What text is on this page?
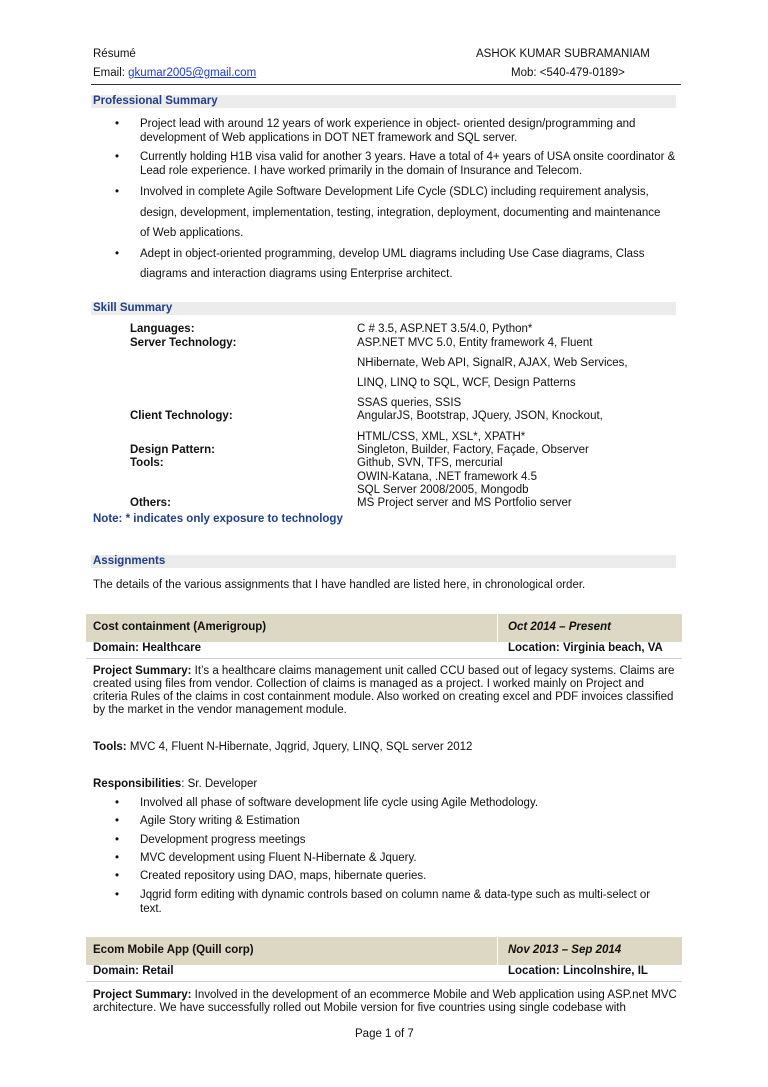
Résumé	ASHOK KUMAR SUBRAMANIAM
Email: gkumar2005@gmail.com	Mob: <540-479-0189>
Professional Summary
• Project lead with around 12 years of work experience in object- oriented design/programming and development of Web applications in DOT NET framework and SQL server.
• Currently holding H1B visa valid for another 3 years. Have a total of 4+ years of USA onsite coordinator & Lead role experience. I have worked primarily in the domain of Insurance and Telecom.
• Involved in complete Agile Software Development Life Cycle (SDLC) including requirement analysis,
design, development, implementation, testing, integration, deployment, documenting and maintenance
of Web applications.
• Adept in object-oriented programming, develop UML diagrams including Use Case diagrams, Class
diagrams and interaction diagrams using Enterprise architect.
Skill Summary
Languages:	C # 3.5, ASP.NET 3.5/4.0, Python*
Server Technology:	ASP.NET MVC 5.0, Entity framework 4, Fluent
NHibernate, Web API, SignalR, AJAX, Web Services,
LINQ, LINQ to SQL, WCF, Design Patterns
SSAS queries, SSIS
Client Technology:	AngularJS, Bootstrap, JQuery, JSON, Knockout,
HTML/CSS, XML, XSL*, XPATH*
Design Pattern:	Singleton, Builder, Factory, Façade, Observer
Tools:	Github, SVN, TFS, mercurial
OWIN-Katana, .NET framework 4.5
SQL Server 2008/2005, Mongodb
Others:	MS Project server and MS Portfolio server
Note: * indicates only exposure to technology
Assignments
The details of the various assignments that I have handled are listed here, in chronological order.
Cost containment (Amerigroup)	Oct 2014 – Present
Domain: Healthcare	Location: Virginia beach, VA
Project Summary: It’s a healthcare claims management unit called CCU based out of legacy systems. Claims are created using files from vendor. Collection of claims is managed as a project. I worked mainly on Project and criteria Rules of the claims in cost containment module. Also worked on creating excel and PDF invoices classified by the market in the vendor management module.
Tools: MVC 4, Fluent N-Hibernate, Jqgrid, Jquery, LINQ, SQL server 2012
Responsibilities: Sr. Developer
• Involved all phase of software development life cycle using Agile Methodology.
• Agile Story writing & Estimation
• Development progress meetings
• MVC development using Fluent N-Hibernate & Jquery.
• Created repository using DAO, maps, hibernate queries.
• Jqgrid form editing with dynamic controls based on column name & data-type such as multi-select or text.
Ecom Mobile App (Quill corp)	Nov 2013 – Sep 2014
Domain: Retail	Location: Lincolnshire, IL
Project Summary: Involved in the development of an ecommerce Mobile and Web application using ASP.net MVC architecture. We have successfully rolled out Mobile version for five countries using single codebase with
Page 1 of 7
